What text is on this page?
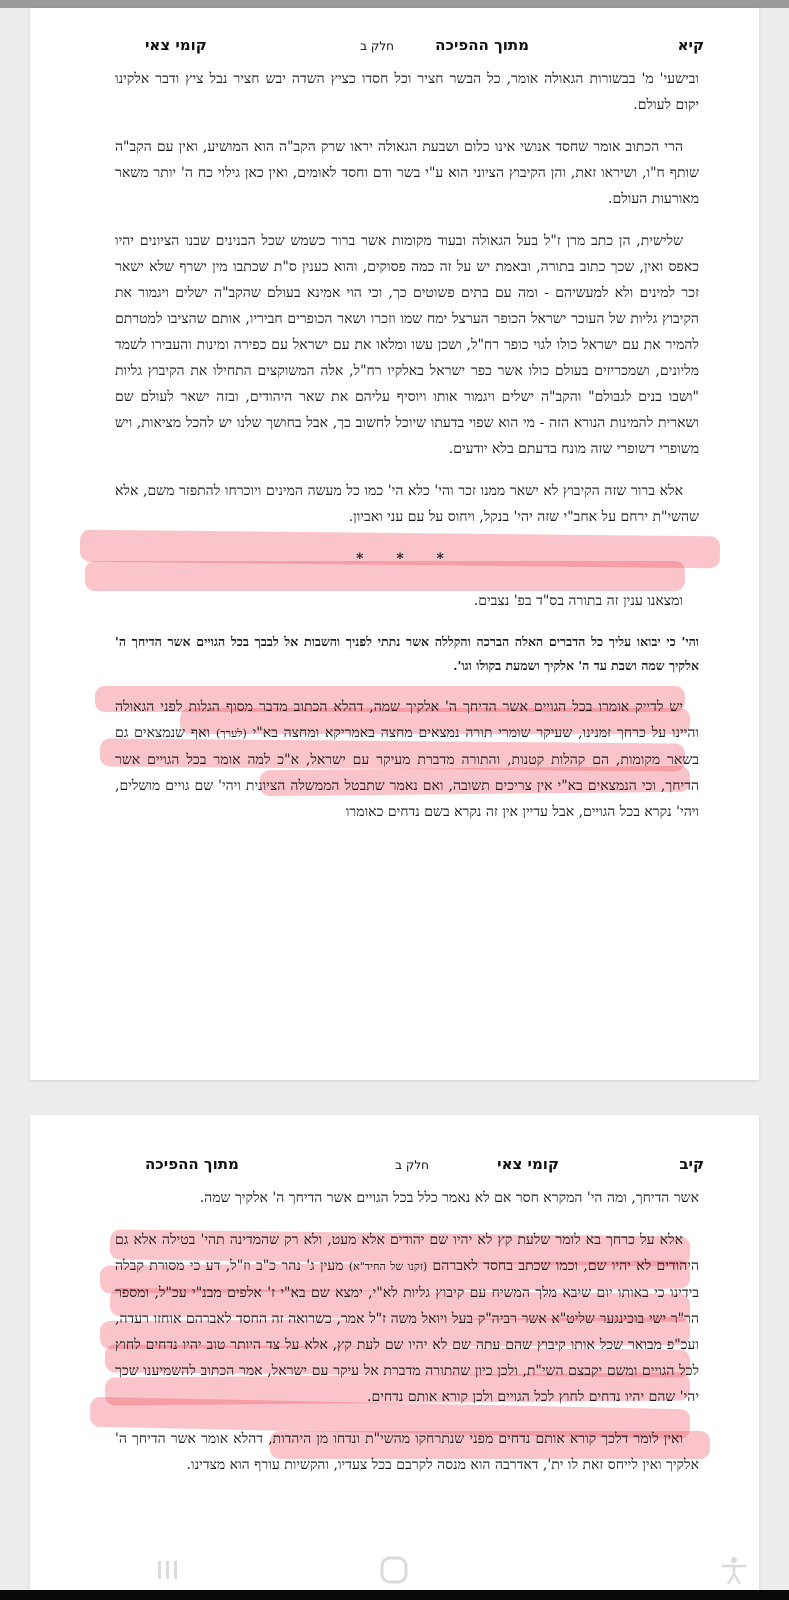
קיא
מתוך ההפיכה
חלק ב
קומי צאי

ובישעי' מ' בבשורות הגאולה אומר, כל הבשר חציר וכל חסדו כציץ השדה יבש חציר נבל ציץ ודבר אלקינו יקום לעולם.

הרי הכתוב אומר שחסד אנושי אינו כלום ושבעת הגאולה יראו שרק הקב"ה הוא המושיע, ואין עם הקב"ה שותף ח"ו, ושיראו זאת, והן הקיבוץ הציוני הוא ע"י בשר ודם וחסד לאומים, ואין כאן גילוי כח ה' יותר משאר מאורעות העולם.

שלישית, הן כתב מרן ז"ל בעל הגאולה ובעוד מקומות אשר ברור כשמש שכל הבנינים שבנו הציונים יהיו כאפס ואין, שכך כתוב בתורה, ובאמת יש על זה כמה פסוקים, והוא כענין ס"ת שכתבו מין ישרף שלא ישאר זכר למינים ולא למעשיהם - ומה עם בתים פשוטים כך, וכי הוי אמינא בעולם שהקב"ה ישלים ויגמור את הקיבוץ גליות של העוכר ישראל הכופר הערצל ימח שמו וזכרו ושאר הכופרים חביריו, אותם שהציבו למטרתם להמיר את עם ישראל כולו לגוי כופר רח"ל, ושכן עשו ומלאו את עם ישראל עם כפירה ומינות והעבירו לשמד מליונים, ושמכריזים בעולם כולו אשר כפר ישראל באלקיו רח"ל, אלה המשוקצים התחילו את הקיבוץ גליות "ושבו בנים לגבולם" והקב"ה ישלים ויגמור אותו ויוסיף עליהם את שאר היהודים, ובזה ישאר לעולם שם ושארית להמינות הנורא הזה - מי הוא שפוי בדעתו שיוכל לחשוב כך, אבל בחושך שלנו יש להכל מציאות, ויש משופרי דשופרי שזה מונח בדעתם בלא יודעים.

אלא ברור שזה הקיבוץ לא ישאר ממנו זכר והי' כלא הי' כמו כל מעשה המינים ויוכרחו להתפזר משם, אלא שהשי"ת ירחם על אחב"י שזה יהי' בנקל, ויחוס על עם עני ואביון.

* * *

ומצאנו ענין זה בתורה בס"ד בפ' נצבים.

והי' כי יבואו עליך כל הדברים האלה הברכה והקללה אשר נתתי לפניך והשבות אל לבבך בכל הגויים אשר הדיחך ה' אלקיך שמה ושבת עד ה' אלקיך ושמעת בקולו וגו'.

יש לדייק אומרו בכל הגויים אשר הדיחך ה' אלקיך שמה, דהלא הכתוב מדבר מסוף הגלות לפני הגאולה והיינו על כרחך זמנינו, שעיקר שומרי תורה נמצאים מחצה באמריקא ומחצה בא"י (לערך) ואף שנמצאים גם בשאר מקומות, הם קהלות קטנות, והתורה מדברת מעיקר עם ישראל, א"כ למה אומר בכל הגויים אשר הדיחך, וכי הנמצאים בא"י אין צריכים תשובה, ואם נאמר שתבטל הממשלה הציונית ויהי' שם גויים מושלים, ויהי' נקרא בכל הגויים, אבל עדיין אין זה נקרא בשם נדחים כאומרו

קיב
קומי צאי
חלק ב
מתוך ההפיכה

אשר הדיחך, ומה הי' המקרא חסר אם לא נאמר כלל בכל הגויים אשר הדיחך ה' אלקיך שמה.

אלא על כרחך בא לומר שלעת קץ לא יהיו שם יהודים אלא מעט, ולא רק שהמדינה תהי' בטילה אלא גם היהודים לא יהיו שם, וכמו שכתב בחסד לאברהם (זקנו של החיד"א) מעין ג' נהר כ"ב וז"ל, דע כי מסורת קבלה בידינו כי באותו יום שיבא מלך המשיח עם קיבוץ גליות לא"י, ימצא שם בא"י ז' אלפים מבנ"י עכ"ל, ומספר הר"ר ישי בוכינגער שליט"א אשר רביה"ק בעל ויואל משה ז"ל אמר, כשרואה זה החסד לאברהם אוחזו רעדה, ועכ"פ מבואר שכל אותו קיבוץ שהם עתה שם לא יהיו שם לעת קץ, אלא על צד היותר טוב יהיו נדחים לחוץ לכל הגויים ומשם יקבצם השי"ת, ולכן כיון שהתורה מדברת אל עיקר עם ישראל, אמר הכתוב להשמיענו שכך יהי' שהם יהיו נדחים לחוץ לכל הגויים ולכן קורא אותם נדחים.

ואין לומר דלכך קורא אותם נדחים מפני שנתרחקו מהשי"ת ונדחו מן היהדות, דהלא אומר אשר הדיחך ה' אלקיך ואין לייחס זאת לו ית', דאדרבה הוא מנסה לקרבם בכל צעדיו, והקשיות עורף הוא מצדינו.
